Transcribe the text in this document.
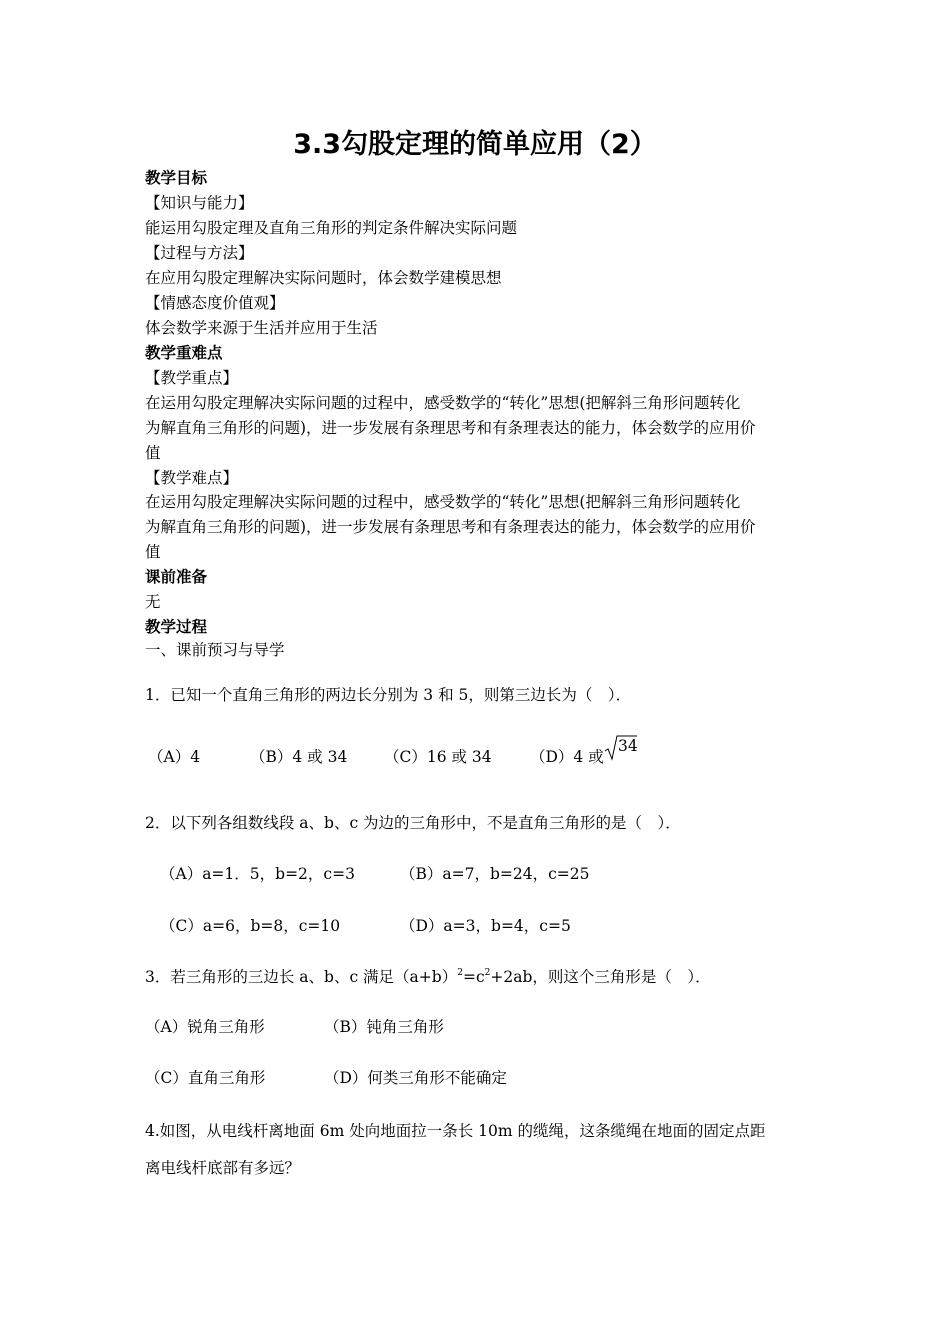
3.3勾股定理的简单应用（2）
教学目标
【知识与能力】
能运用勾股定理及直角三角形的判定条件解决实际问题
【过程与方法】
在应用勾股定理解决实际问题时，体会数学建模思想
【情感态度价值观】
体会数学来源于生活并应用于生活
教学重难点
【教学重点】
在运用勾股定理解决实际问题的过程中，感受数学的“转化”思想(把解斜三角形问题转化
为解直角三角形的问题)，进一步发展有条理思考和有条理表达的能力，体会数学的应用价
值
【教学难点】
在运用勾股定理解决实际问题的过程中，感受数学的“转化”思想(把解斜三角形问题转化
为解直角三角形的问题)，进一步发展有条理思考和有条理表达的能力，体会数学的应用价
值
课前准备
无
教学过程
一、课前预习与导学
1．已知一个直角三角形的两边长分别为 3 和 5，则第三边长为（　）．
（A）4	（B）4 或 34 （C）16 或 34 （D）4 或
34
2．以下列各组数线段 a、b、c 为边的三角形中，不是直角三角形的是（　）．
（A）a=1．5，b=2，c=3	（B）a=7，b=24，c=25
（C）a=6，b=8，c=10	（D）a=3，b=4，c=5
3．若三角形的三边长 a、b、c 满足$(a+b)^2=c^2+2ab$，则这个三角形是（　）．
（A）锐角三角形	（B）钝角三角形
（C）直角三角形	（D）何类三角形不能确定
4.如图，从电线杆离地面 6m 处向地面拉一条长 10m 的缆绳，这条缆绳在地面的固定点距
离电线杆底部有多远？
